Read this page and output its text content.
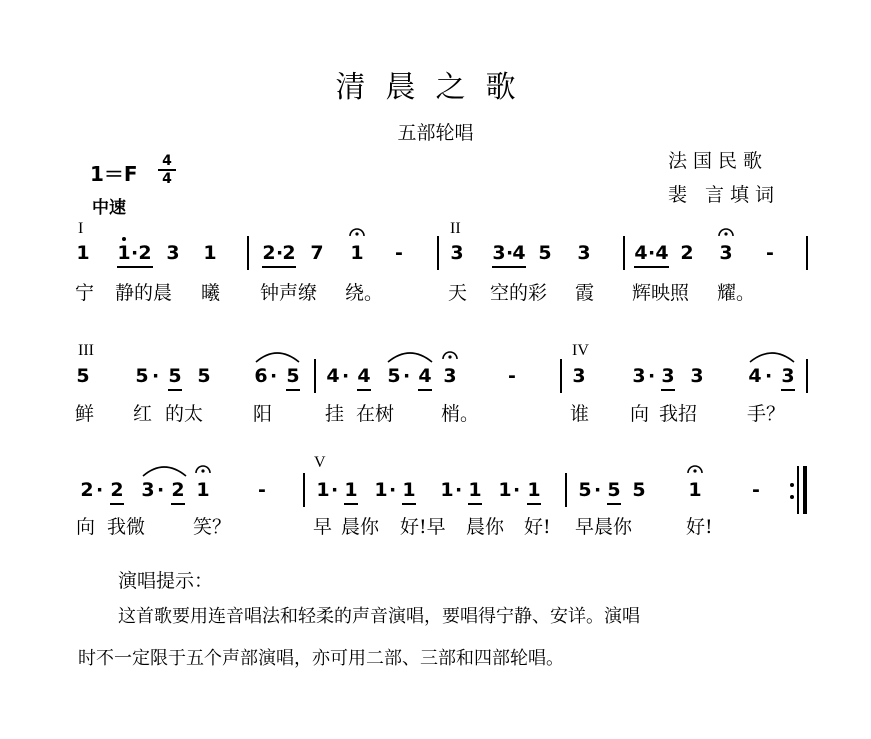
清晨之歌
五部轮唱
法国民歌
裴 言填词
1＝F
4
4
中速
I	II
III	IV
V
1 1 · 2 3 1 2 · 2 7 1 - 3 3 · 4 5 3 4 · 4 2 3 -
宁 静的晨 曦 钟声缭 绕。	天 空的彩 霞 辉映照 耀。
5 5 · 5 5 6 · 5 4 · 4 5 · 4 3	-	3 3 · 3 3 4 · 3
鲜 红 的太	阳	挂 在树 梢。	谁 向 我招	手？
2 · 2 3 · 2 1	-	1 · 1 1 · 1 1 · 1 1 · 1 5 · 5 5 1	-
向 我微	笑？	早 晨你 好!早 晨你 好! 早晨你	好!
演唱提示：
这首歌要用连音唱法和轻柔的声音演唱，要唱得宁静、安详。演唱
时不一定限于五个声部演唱，亦可用二部、三部和四部轮唱。
